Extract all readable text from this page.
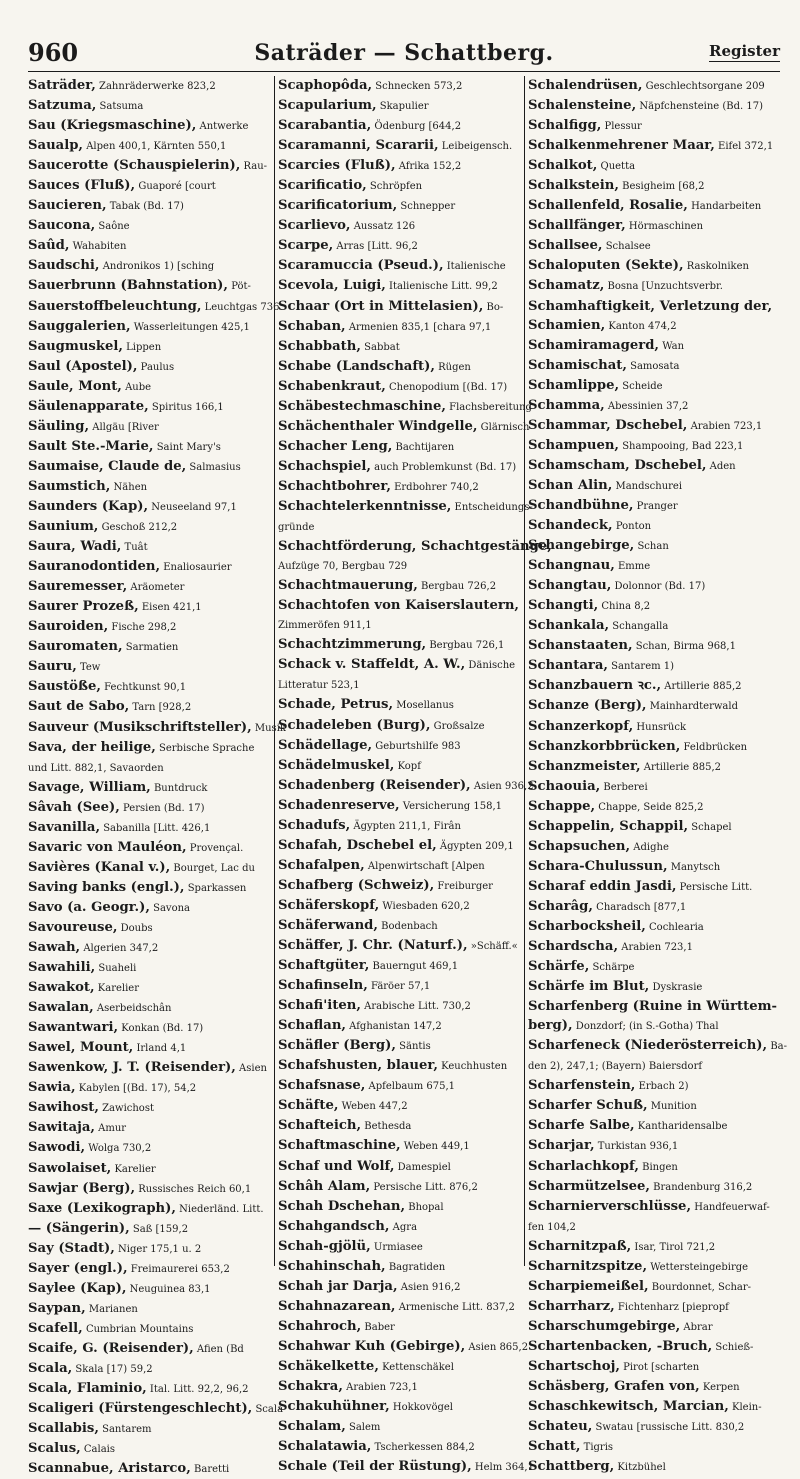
960	Saträder — Schattberg.	Register
Saträder, Zahnräderwerke 823,2
Satzuma, Satsuma
Sau (Kriegsmaschine), Antwerke
Saualp, Alpen 400,1, Kärnten 550,1
Saucerotte (Schauspielerin), Rau-
Sauces (Fluß), Guaporé [court
Saucieren, Tabak (Bd. 17)
Saucona, Saône
Saûd, Wahabiten
Saudschi, Andronikos 1) [sching
Sauerbrunn (Bahnstation), Pöt-
Sauerstoffbeleuchtung, Leuchtgas 736
Sauggalerien, Wasserleitungen 425,1
Saugmuskel, Lippen
Saul (Apostel), Paulus
Saule, Mont, Aube
Säulenapparate, Spiritus 166,1
Säuling, Allgäu [River
Sault Ste.-Marie, Saint Mary's
Saumaise, Claude de, Salmasius
Saumstich, Nähen
Saunders (Kap), Neuseeland 97,1
Saunium, Geschoß 212,2
Saura, Wadi, Tuât
Sauranodontiden, Enaliosaurier
Sauremesser, Aräometer
Saurer Prozeß, Eisen 421,1
Sauroiden, Fische 298,2
Sauromaten, Sarmatien
Sauru, Tew
Saustöße, Fechtkunst 90,1
Saut de Sabo, Tarn [928,2
Sauveur (Musikschriftsteller), Musik
Sava, der heilige, Serbische Sprache
und Litt. 882,1, Savaorden
Savage, William, Buntdruck
Sâvah (See), Persien (Bd. 17)
Savanilla, Sabanilla [Litt. 426,1
Savaric von Mauléon, Provençal.
Savières (Kanal v.), Bourget, Lac du
Saving banks (engl.), Sparkassen
Savo (a. Geogr.), Savona
Savoureuse, Doubs
Sawah, Algerien 347,2
Sawahili, Suaheli
Sawakot, Karelier
Sawalan, Aserbeidschân
Sawantwari, Konkan (Bd. 17)
Sawel, Mount, Irland 4,1
Sawenkow, J. T. (Reisender), Asien
Sawia, Kabylen [(Bd. 17), 54,2
Sawihost, Zawichost
Sawitaja, Amur
Sawodi, Wolga 730,2
Sawolaiset, Karelier
Sawjar (Berg), Russisches Reich 60,1
Saxe (Lexikograph), Niederländ. Litt.
— (Sängerin), Saß [159,2
Say (Stadt), Niger 175,1 u. 2
Sayer (engl.), Freimaurerei 653,2
Saylee (Kap), Neuguinea 83,1
Saypan, Marianen
Scafell, Cumbrian Mountains
Scaife, G. (Reisender), Afien (Bd
Scala, Skala [17) 59,2
Scala, Flaminio, Ital. Litt. 92,2, 96,2
Scaligeri (Fürstengeschlecht), Scala
Scallabis, Santarem
Scalus, Calais
Scannabue, Aristarco, Baretti
Scaphopôda, Schnecken 573,2
Scapularium, Skapulier
Scarabantia, Ödenburg [644,2
Scaramanni, Scararii, Leibeigensch.
Scarcies (Fluß), Afrika 152,2
Scarificatio, Schröpfen
Scarificatorium, Schnepper
Scarlievo, Aussatz 126
Scarpe, Arras [Litt. 96,2
Scaramuccia (Pseud.), Italienische
Scevola, Luigi, Italienische Litt. 99,2
Schaar (Ort in Mittelasien), Bo-
Schaban, Armenien 835,1 [chara 97,1
Schabbath, Sabbat
Schabe (Landschaft), Rügen
Schabenkraut, Chenopodium [(Bd. 17)
Schäbestechmaschine, Flachsbereitung
Schächenthaler Windgelle, Glärnisch
Schacher Leng, Bachtijaren
Schachspiel, auch Problemkunst (Bd. 17)
Schachtbohrer, Erdbohrer 740,2
Schachtelerkenntnisse, Entscheidungs-
gründe
Schachtförderung, Schachtgestänge,
Aufzüge 70, Bergbau 729
Schachtmauerung, Bergbau 726,2
Schachtofen von Kaiserslautern,
Zimmeröfen 911,1
Schachtzimmerung, Bergbau 726,1
Schack v. Staffeldt, A. W., Dänische
Litteratur 523,1
Schade, Petrus, Mosellanus
Schadeleben (Burg), Großsalze
Schädellage, Geburtshilfe 983
Schädelmuskel, Kopf
Schadenberg (Reisender), Asien 936,2
Schadenreserve, Versicherung 158,1
Schadufs, Ägypten 211,1, Firân
Schafah, Dschebel el, Ägypten 209,1
Schafalpen, Alpenwirtschaft [Alpen
Schafberg (Schweiz), Freiburger
Schäferskopf, Wiesbaden 620,2
Schäferwand, Bodenbach
Schäffer, J. Chr. (Naturf.), »Schäff.«
Schaftgüter, Bauerngut 469,1
Schafinseln, Färöer 57,1
Schafi'iten, Arabische Litt. 730,2
Schaflan, Afghanistan 147,2
Schäfler (Berg), Säntis
Schafshusten, blauer, Keuchhusten
Schafsnase, Apfelbaum 675,1
Schäfte, Weben 447,2
Schafteich, Bethesda
Schaftmaschine, Weben 449,1
Schaf und Wolf, Damespiel
Schâh Alam, Persische Litt. 876,2
Schah Dschehan, Bhopal
Schahgandsch, Agra
Schah-gjölü, Urmiasee
Schahinschah, Bagratiden
Schah jar Darja, Asien 916,2
Schahnazarean, Armenische Litt. 837,2
Schahroch, Baber
Schahwar Kuh (Gebirge), Asien 865,2
Schäkelkette, Kettenschäkel
Schakra, Arabien 723,1
Schakuhühner, Hokkovögel
Schalam, Salem
Schalatawia, Tscherkessen 884,2
Schale (Teil der Rüstung), Helm 364,1
Schalendrüsen, Geschlechtsorgane 209
Schalensteine, Näpfchensteine (Bd. 17)
Schalfigg, Plessur
Schalkenmehrener Maar, Eifel 372,1
Schalkot, Quetta
Schalkstein, Besigheim [68,2
Schallenfeld, Rosalie, Handarbeiten
Schallfänger, Hörmaschinen
Schallsee, Schalsee
Schaloputen (Sekte), Raskolniken
Schamatz, Bosna [Unzuchtsverbr.
Schamhaftigkeit, Verletzung der,
Schamien, Kanton 474,2
Schamiramagerd, Wan
Schamischat, Samosata
Schamlippe, Scheide
Schamma, Abessinien 37,2
Schammar, Dschebel, Arabien 723,1
Schampuen, Shampooing, Bad 223,1
Schamscham, Dschebel, Aden
Schan Alin, Mandschurei
Schandbühne, Pranger
Schandeck, Ponton
Schangebirge, Schan
Schangnau, Emme
Schangtau, Dolonnor (Bd. 17)
Schangti, China 8,2
Schankala, Schangalla
Schanstaaten, Schan, Birma 968,1
Schantara, Santarem 1)
Schanzbauern ꝛc., Artillerie 885,2
Schanze (Berg), Mainhardterwald
Schanzerkopf, Hunsrück
Schanzkorbbrücken, Feldbrücken
Schanzmeister, Artillerie 885,2
Schaouia, Berberei
Schappe, Chappe, Seide 825,2
Schappelin, Schappil, Schapel
Schapsuchen, Adighe
Schara-Chulussun, Manytsch
Scharaf eddin Jasdi, Persische Litt.
Scharâg, Charadsch [877,1
Scharbocksheil, Cochlearia
Schardscha, Arabien 723,1
Schärfe, Schärpe
Schärfe im Blut, Dyskrasie
Scharfenberg (Ruine in Württem-
berg), Donzdorf; (in S.-Gotha) Thal
Scharfeneck (Niederösterreich), Ba-
den 2), 247,1; (Bayern) Baiersdorf
Scharfenstein, Erbach 2)
Scharfer Schuß, Munition
Scharfe Salbe, Kantharidensalbe
Scharjar, Turkistan 936,1
Scharlachkopf, Bingen
Scharmützelsee, Brandenburg 316,2
Scharnierverschlüsse, Handfeuerwaf-
fen 104,2
Scharnitzpaß, Isar, Tirol 721,2
Scharnitzspitze, Wettersteingebirge
Scharpiemeißel, Bourdonnet, Schar-
Scharrharz, Fichtenharz [piepropf
Scharschumgebirge, Abrar
Schartenbacken, -Bruch, Schieß-
Schartschoj, Pirot [scharten
Schäsberg, Grafen von, Kerpen
Schaschkewitsch, Marcian, Klein-
Schateu, Swatau [russische Litt. 830,2
Schatt, Tigris
Schattberg, Kitzbühel
